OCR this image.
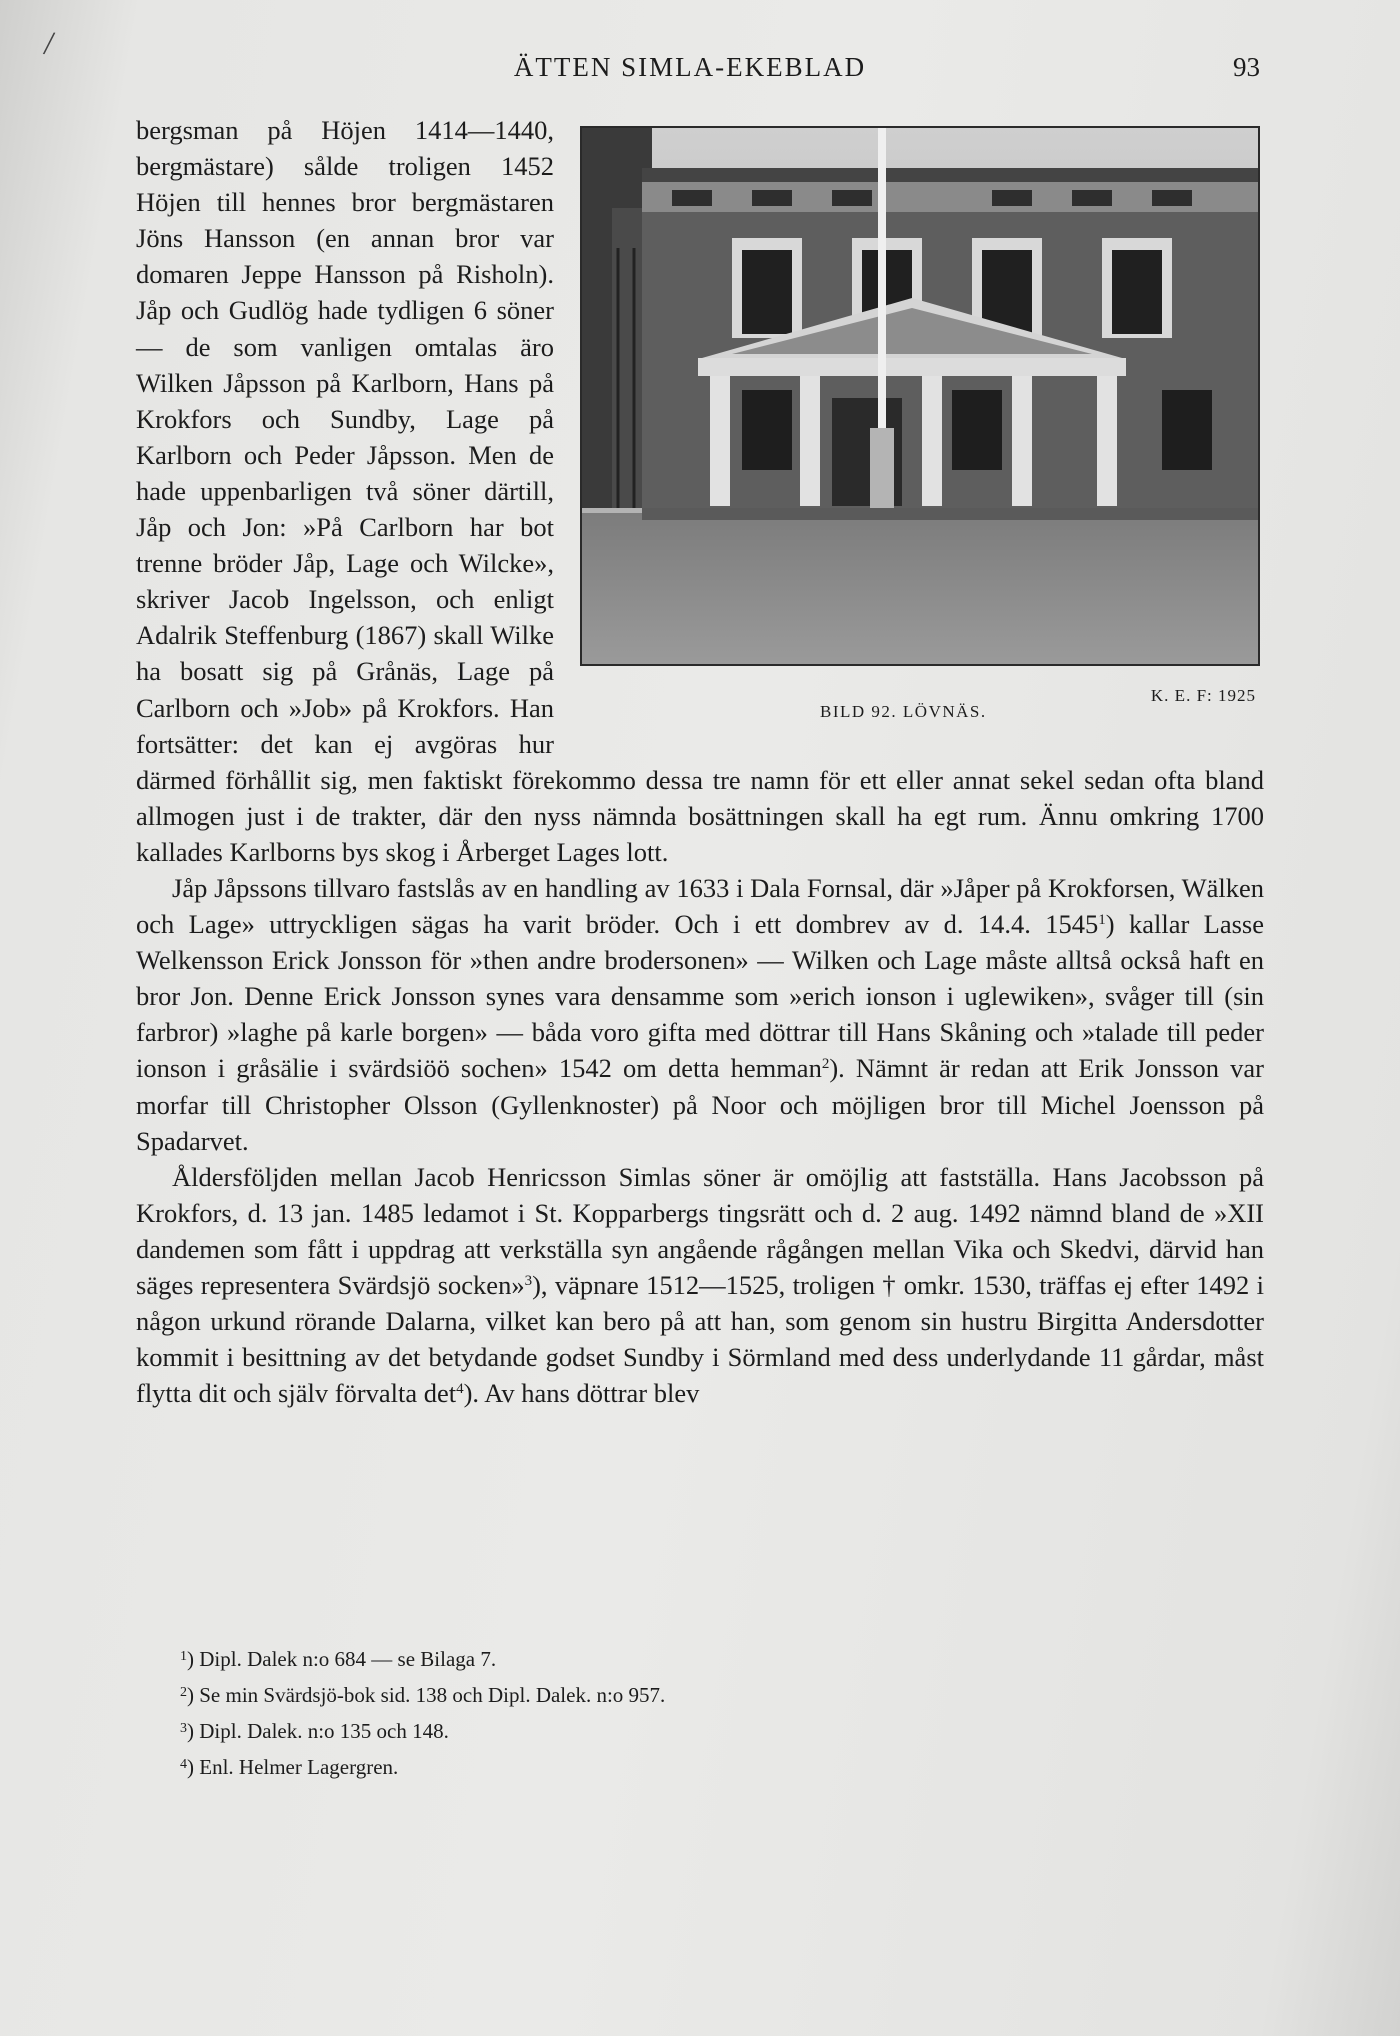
/
ÄTTEN SIMLA-EKEBLAD	93
K. E. F: 1925
BILD 92. LÖVNÄS.

bergsman på Höjen 1414—1440, bergmästare) sålde troligen 1452 Höjen till hennes bror bergmästaren Jöns Hansson (en annan bror var domaren Jeppe Hansson på Risholn). Jåp och Gudlög hade tydligen 6 söner — de som vanligen omtalas äro Wilken Jåpsson på Karlborn, Hans på Krokfors och Sundby, Lage på Karlborn och Peder Jåpsson. Men de hade uppenbarligen två söner därtill, Jåp och Jon: »På Carlborn har bot trenne bröder Jåp, Lage och Wilcke», skriver Jacob Ingelsson, och enligt Adalrik Steffenburg (1867) skall Wilke ha bosatt sig på Grånäs, Lage på Carlborn och »Job» på Krokfors. Han fortsätter: det kan ej avgöras hur därmed förhållit sig, men faktiskt förekommo dessa tre namn för ett eller annat sekel sedan ofta bland allmogen just i de trakter, där den nyss nämnda bosättningen skall ha egt rum. Ännu omkring 1700 kallades Karlborns bys skog i Årberget Lages lott.

Jåp Jåpssons tillvaro fastslås av en handling av 1633 i Dala Fornsal, där »Jåper på Krokforsen, Wälken och Lage» uttryckligen sägas ha varit bröder. Och i ett dombrev av d. 14.4. 1545$^1$) kallar Lasse Welkensson Erick Jonsson för »then andre brodersonen» — Wilken och Lage måste alltså också haft en bror Jon. Denne Erick Jonsson synes vara densamme som »erich ionson i uglewiken», svåger till (sin farbror) »laghe på karle borgen» — båda voro gifta med döttrar till Hans Skåning och »talade till peder ionson i gråsälie i svärdsiöö sochen» 1542 om detta hemman$^2$). Nämnt är redan att Erik Jonsson var morfar till Christopher Olsson (Gyllenknoster) på Noor och möjligen bror till Michel Joensson på Spadarvet.

Åldersföljden mellan Jacob Henricsson Simlas söner är omöjlig att fastställa. Hans Jacobsson på Krokfors, d. 13 jan. 1485 ledamot i St. Kopparbergs tingsrätt och d. 2 aug. 1492 nämnd bland de »XII dandemen som fått i uppdrag att verkställa syn angående rågången mellan Vika och Skedvi, därvid han säges representera Svärdsjö socken»$^3$), väpnare 1512—1525, troligen † omkr. 1530, träffas ej efter 1492 i någon urkund rörande Dalarna, vilket kan bero på att han, som genom sin hustru Birgitta Andersdotter kommit i besittning av det betydande godset Sundby i Sörmland med dess underlydande 11 gårdar, måst flytta dit och själv förvalta $\det^4$). Av hans döttrar blev

$^1$) Dipl. Dalek n:o 684 — se Bilaga 7.
$^2$) Se min Svärdsjö-bok sid. 138 och Dipl. Dalek. n:o 957.
$^3$) Dipl. Dalek. n:o 135 och 148.
$^4$) Enl. Helmer Lagergren.
